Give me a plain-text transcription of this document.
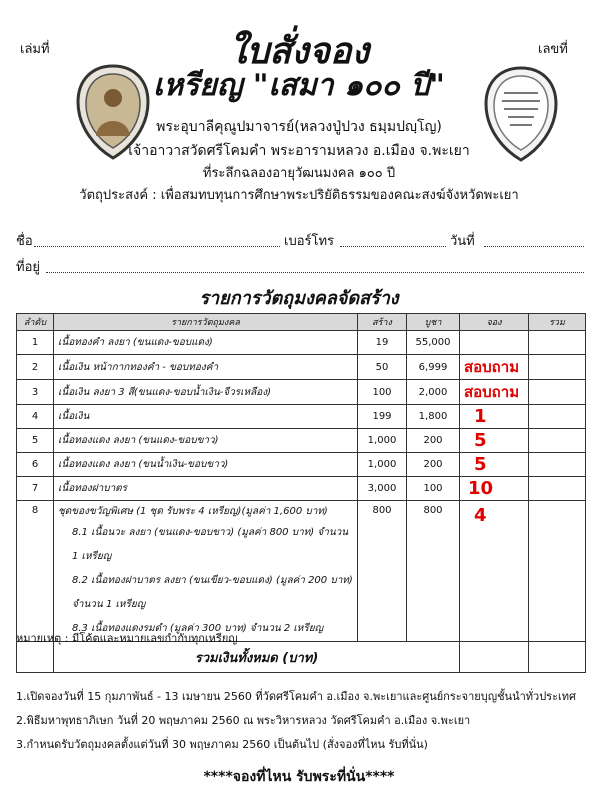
เล่มที่	เลขที่
ใบสั่งจอง
เหรียญ "เสมา ๑๐๐ ปี"
พระอุบาลีคุณูปมาจารย์(หลวงปู่ปวง ธมฺมปญฺโญ)
เจ้าอาวาสวัดศรีโคมคำ พระอารามหลวง อ.เมือง จ.พะเยา
ที่ระลึกฉลองอายุวัฒนมงคล ๑๐๐ ปี
วัตถุประสงค์ : เพื่อสมทบทุนการศึกษาพระปริยัติธรรมของคณะสงฆ์จังหวัดพะเยา
ชื่อ	เบอร์โทร	วันที่
ที่อยู่
รายการวัตถุมงคลจัดสร้าง
ลำดับ	รายการวัตถุมงคล	สร้าง	บูชา	จอง	รวม
1	เนื้อทองคำ ลงยา (ขนแดง-ขอบแดง)	19	55,000		
2	เนื้อเงิน หน้ากากทองคำ - ขอบทองคำ	50	6,999	สอบถาม	
3	เนื้อเงิน ลงยา 3 สี(ขนแดง-ขอบน้ำเงิน-จีวรเหลือง)	100	2,000	สอบถาม	
4	เนื้อเงิน	199	1,800	1	
5	เนื้อทองแดง ลงยา (ขนแดง-ขอบขาว)	1,000	200	5	
6	เนื้อทองแดง ลงยา (ขนน้ำเงิน-ขอบขาว)	1,000	200	5	
7	เนื้อทองฝาบาตร	3,000	100	10	
8	ชุดของขวัญพิเศษ (1 ชุด รับพระ 4 เหรียญ)(มูลค่า 1,600 บาท)
8.1 เนื้อนวะ ลงยา (ขนแดง-ขอบขาว) (มูลค่า 800 บาท) จำนวน 1 เหรียญ
8.2 เนื้อทองฝาบาตร ลงยา (ขนเขียว-ขอบแดง) (มูลค่า 200 บาท) จำนวน 1 เหรียญ
8.3 เนื้อทองแดงรมดำ (มูลค่า 300 บาท) จำนวน 2 เหรียญ	800	800	4	
	รวมเงินทั้งหมด (บาท)				
หมายเหตุ : มีโค้ตและหมายเลขกำกับทุกเหรียญ
1.เปิดจองวันที่ 15 กุมภาพันธ์ - 13 เมษายน 2560 ที่วัดศรีโคมคำ อ.เมือง จ.พะเยาและศูนย์กระจายบุญชั้นนำทั่วประเทศ
2.พิธีมหาพุทธาภิเษก วันที่ 20 พฤษภาคม 2560 ณ พระวิหารหลวง วัดศรีโคมคำ อ.เมือง จ.พะเยา
3.กำหนดรับวัตถุมงคลตั้งแต่วันที่ 30 พฤษภาคม 2560 เป็นต้นไป (สั่งจองที่ไหน รับที่นั่น)
****จองที่ไหน รับพระที่นั่น****
